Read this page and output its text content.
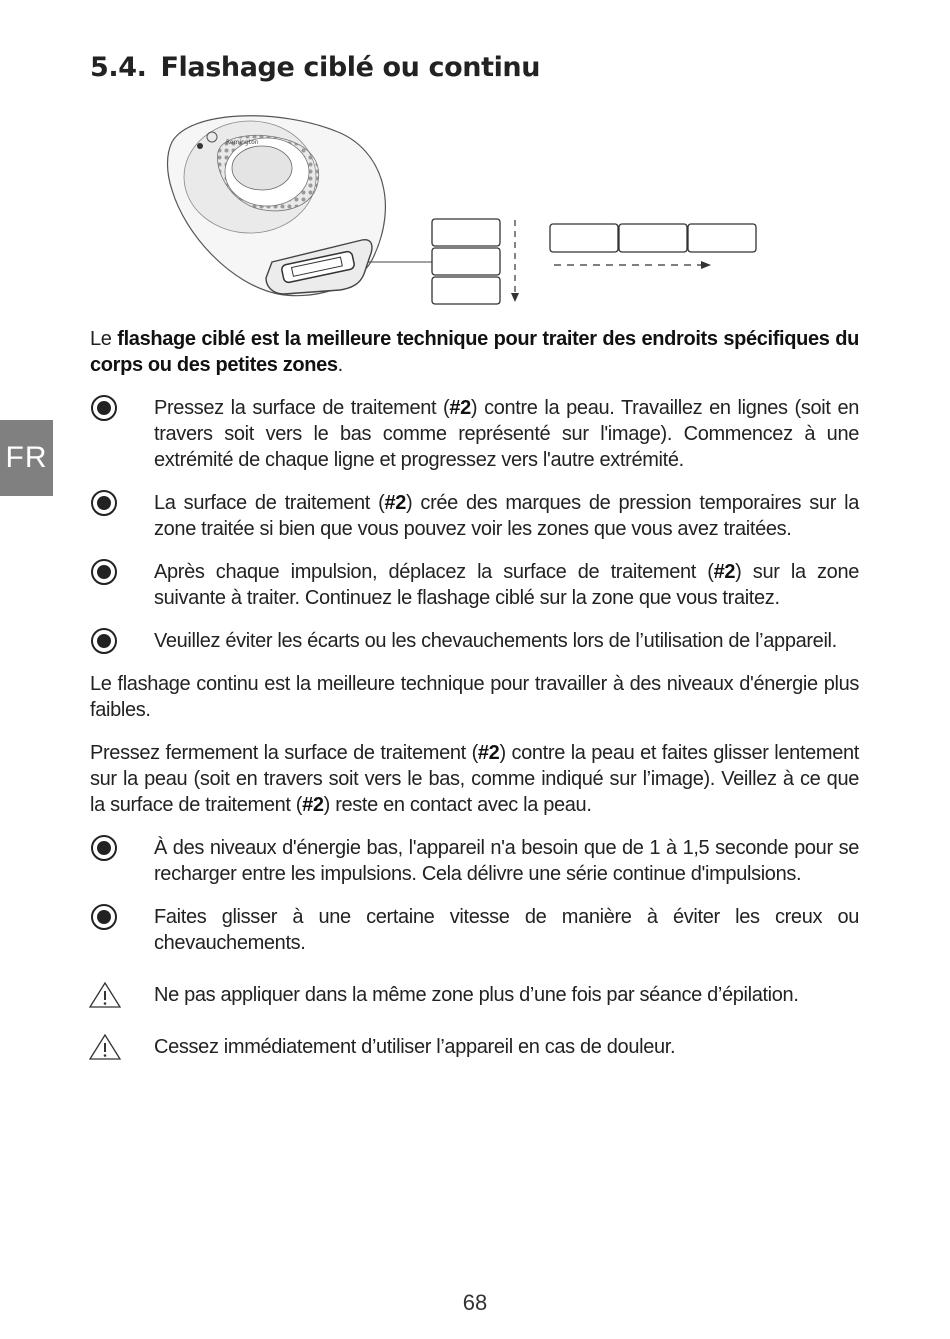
FR
5.4. Flashage ciblé ou continu
Remington

Le flashage ciblé est la meilleure technique pour traiter des endroits spécifiques du corps ou des petites zones.

Pressez la surface de traitement (#2) contre la peau. Travaillez en lignes (soit en travers soit vers le bas comme représenté sur l'image). Commencez à une extrémité de chaque ligne et progressez vers l'autre extrémité.
La surface de traitement (#2) crée des marques de pression temporaires sur la zone traitée si bien que vous pouvez voir les zones que vous avez traitées.
Après chaque impulsion, déplacez la surface de traitement (#2) sur la zone suivante à traiter. Continuez le flashage ciblé sur la zone que vous traitez.
Veuillez éviter les écarts ou les chevauchements lors de l’utilisation de l’appareil.

Le flashage continu est la meilleure technique pour travailler à des niveaux d'énergie plus faibles.

Pressez fermement la surface de traitement (#2) contre la peau et faites glisser lentement sur la peau (soit en travers soit vers le bas, comme indiqué sur l’image). Veillez à ce que la surface de traitement (#2) reste en contact avec la peau.

À des niveaux d'énergie bas, l'appareil n'a besoin que de 1 à 1,5 seconde pour se recharger entre les impulsions. Cela délivre une série continue d'impulsions.
Faites glisser à une certaine vitesse de manière à éviter les creux ou chevauchements.
Ne pas appliquer dans la même zone plus d’une fois par séance d’épilation.
Cessez immédiatement d’utiliser l’appareil en cas de douleur.
68
